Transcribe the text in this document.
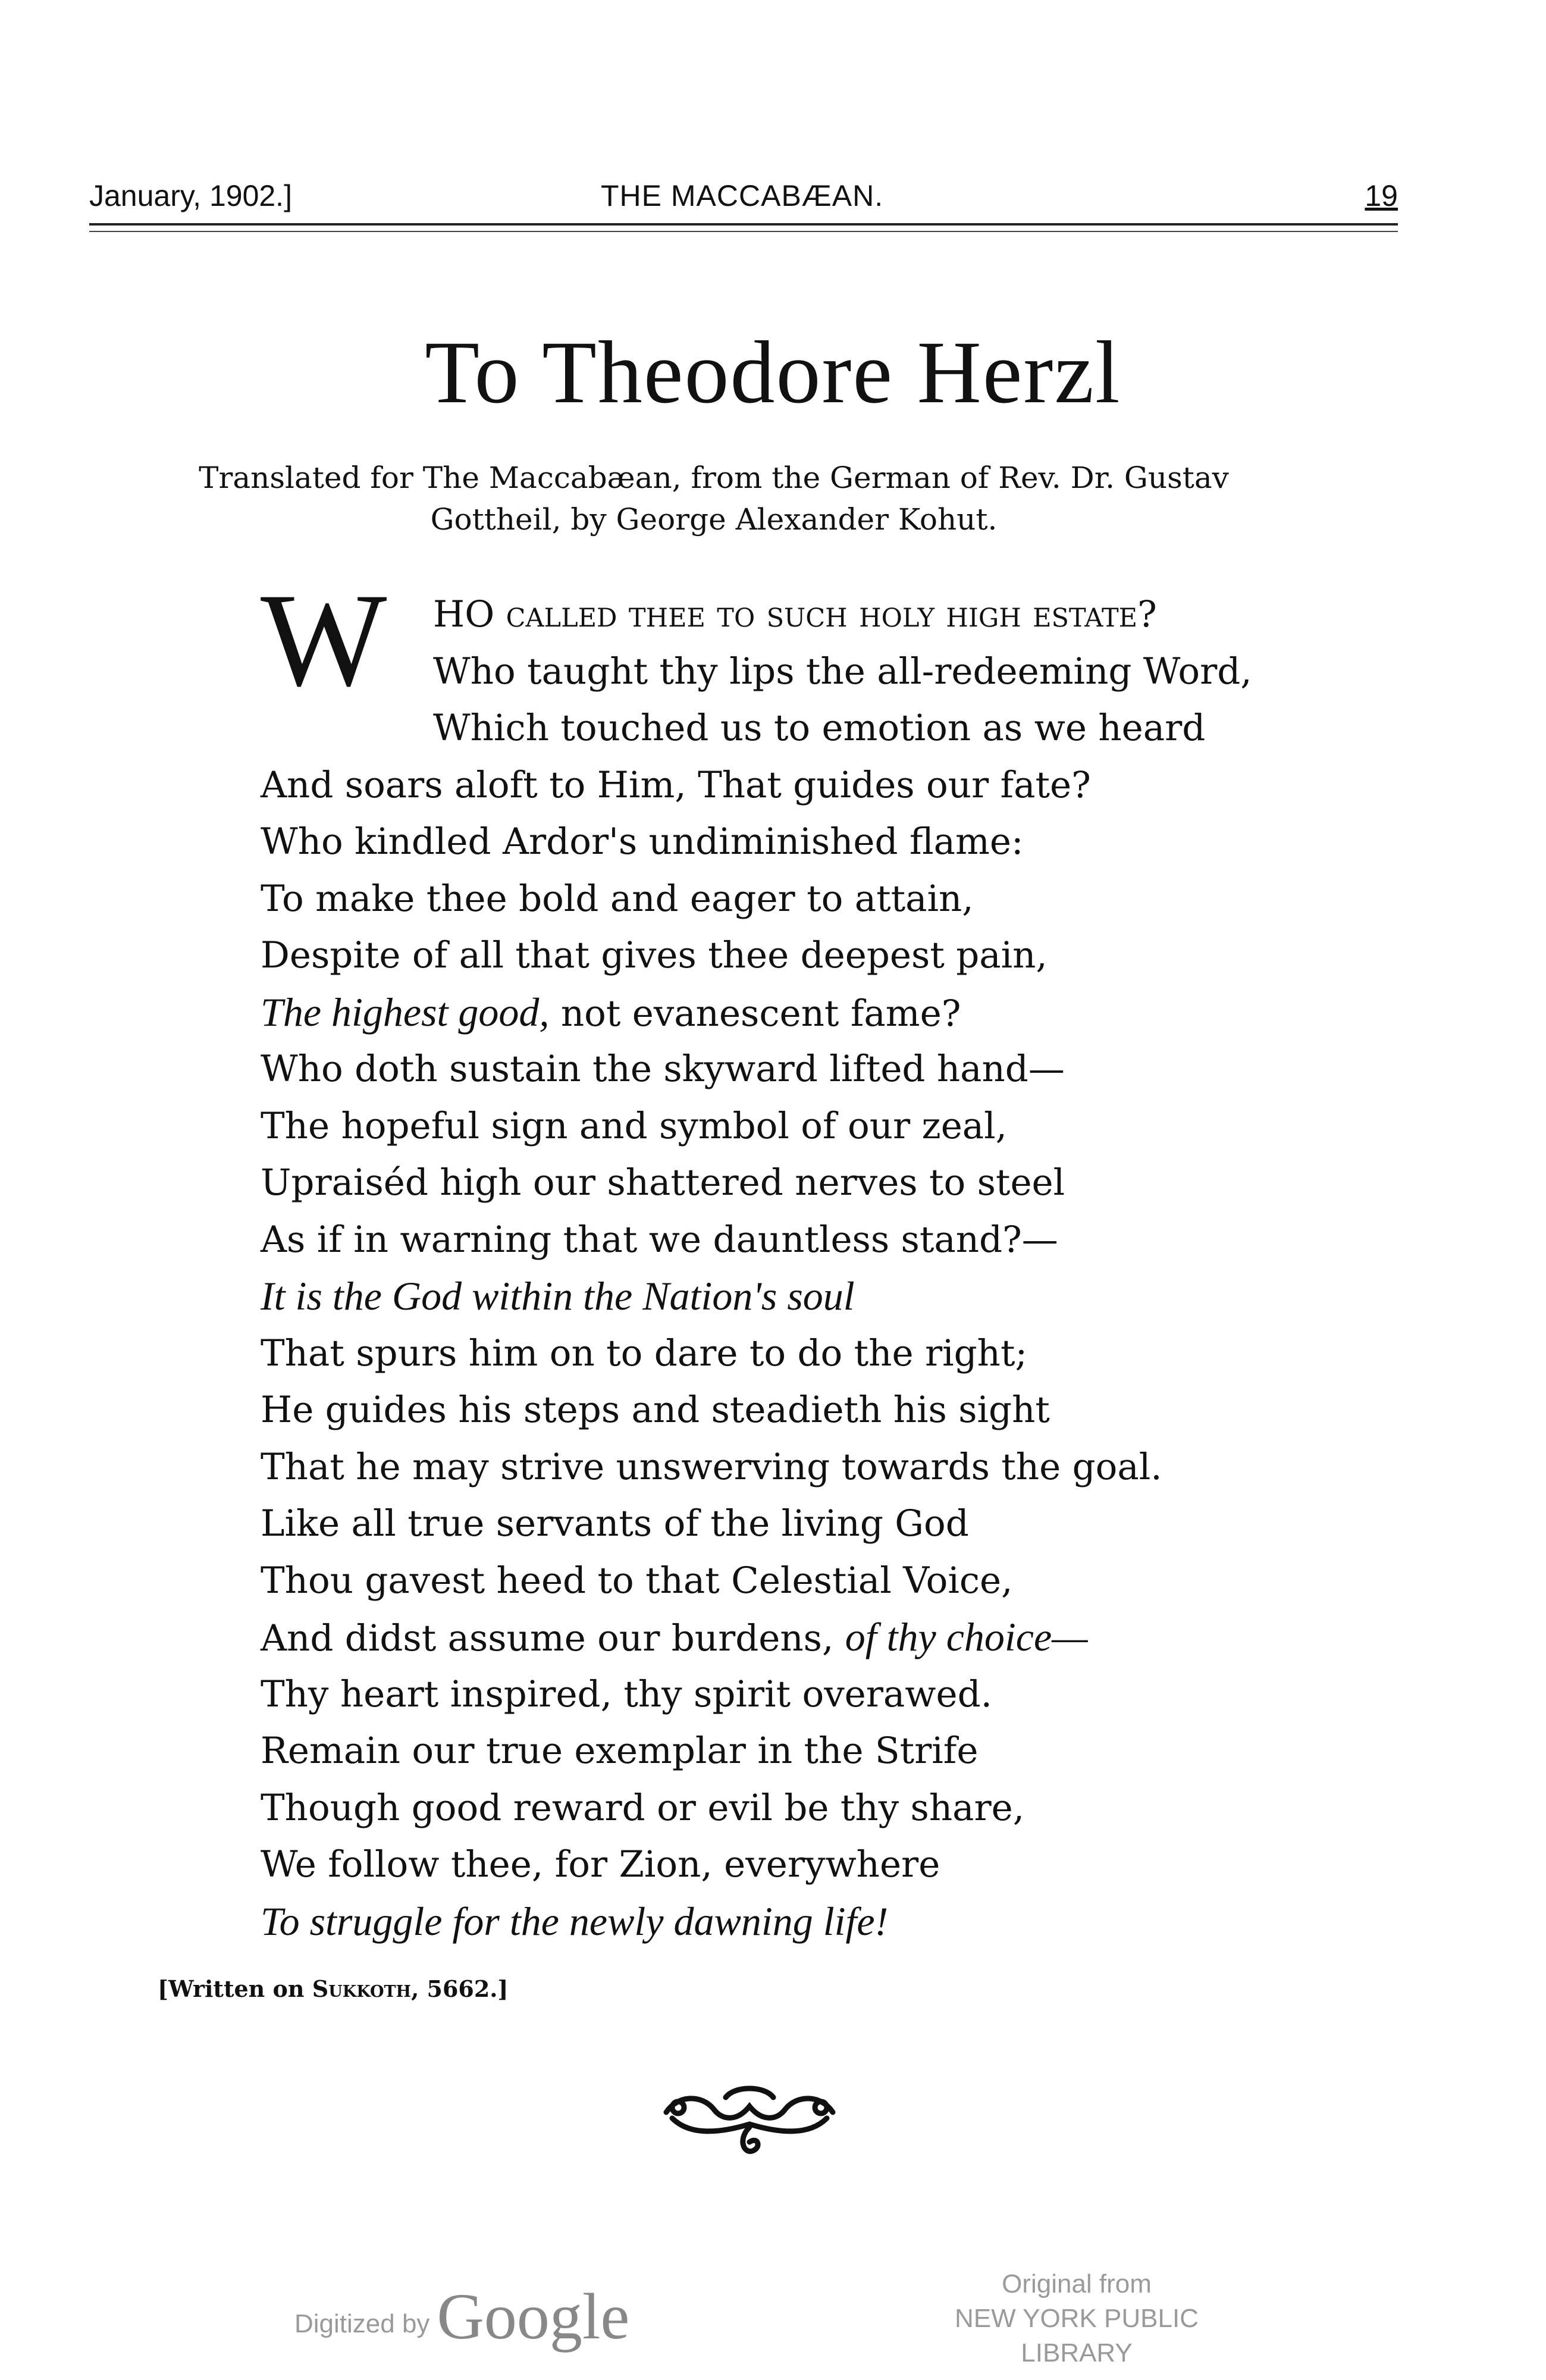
January, 1902.]	THE MACCABÆAN.	19
To Theodore Herzl
Translated for The Maccabæan, from the German of Rev. Dr. Gustav
Gottheil, by George Alexander Kohut.
W	HO called thee to such holy high estate?
Who taught thy lips the all-redeeming Word,
Which touched us to emotion as we heard
And soars aloft to Him, That guides our fate?
Who kindled Ardor's undiminished flame:
To make thee bold and eager to attain,
Despite of all that gives thee deepest pain,
The highest good, not evanescent fame?
Who doth sustain the skyward lifted hand—
The hopeful sign and symbol of our zeal,
Upraiséd high our shattered nerves to steel
As if in warning that we dauntless stand?—
It is the God within the Nation's soul
That spurs him on to dare to do the right;
He guides his steps and steadieth his sight
That he may strive unswerving towards the goal.
Like all true servants of the living God
Thou gavest heed to that Celestial Voice,
And didst assume our burdens, of thy choice—
Thy heart inspired, thy spirit overawed.
Remain our true exemplar in the Strife
Though good reward or evil be thy share,
We follow thee, for Zion, everywhere
To struggle for the newly dawning life!
[Written on Sukkoth, 5662.]
Digitized by Google	Original from
NEW YORK PUBLIC LIBRARY
